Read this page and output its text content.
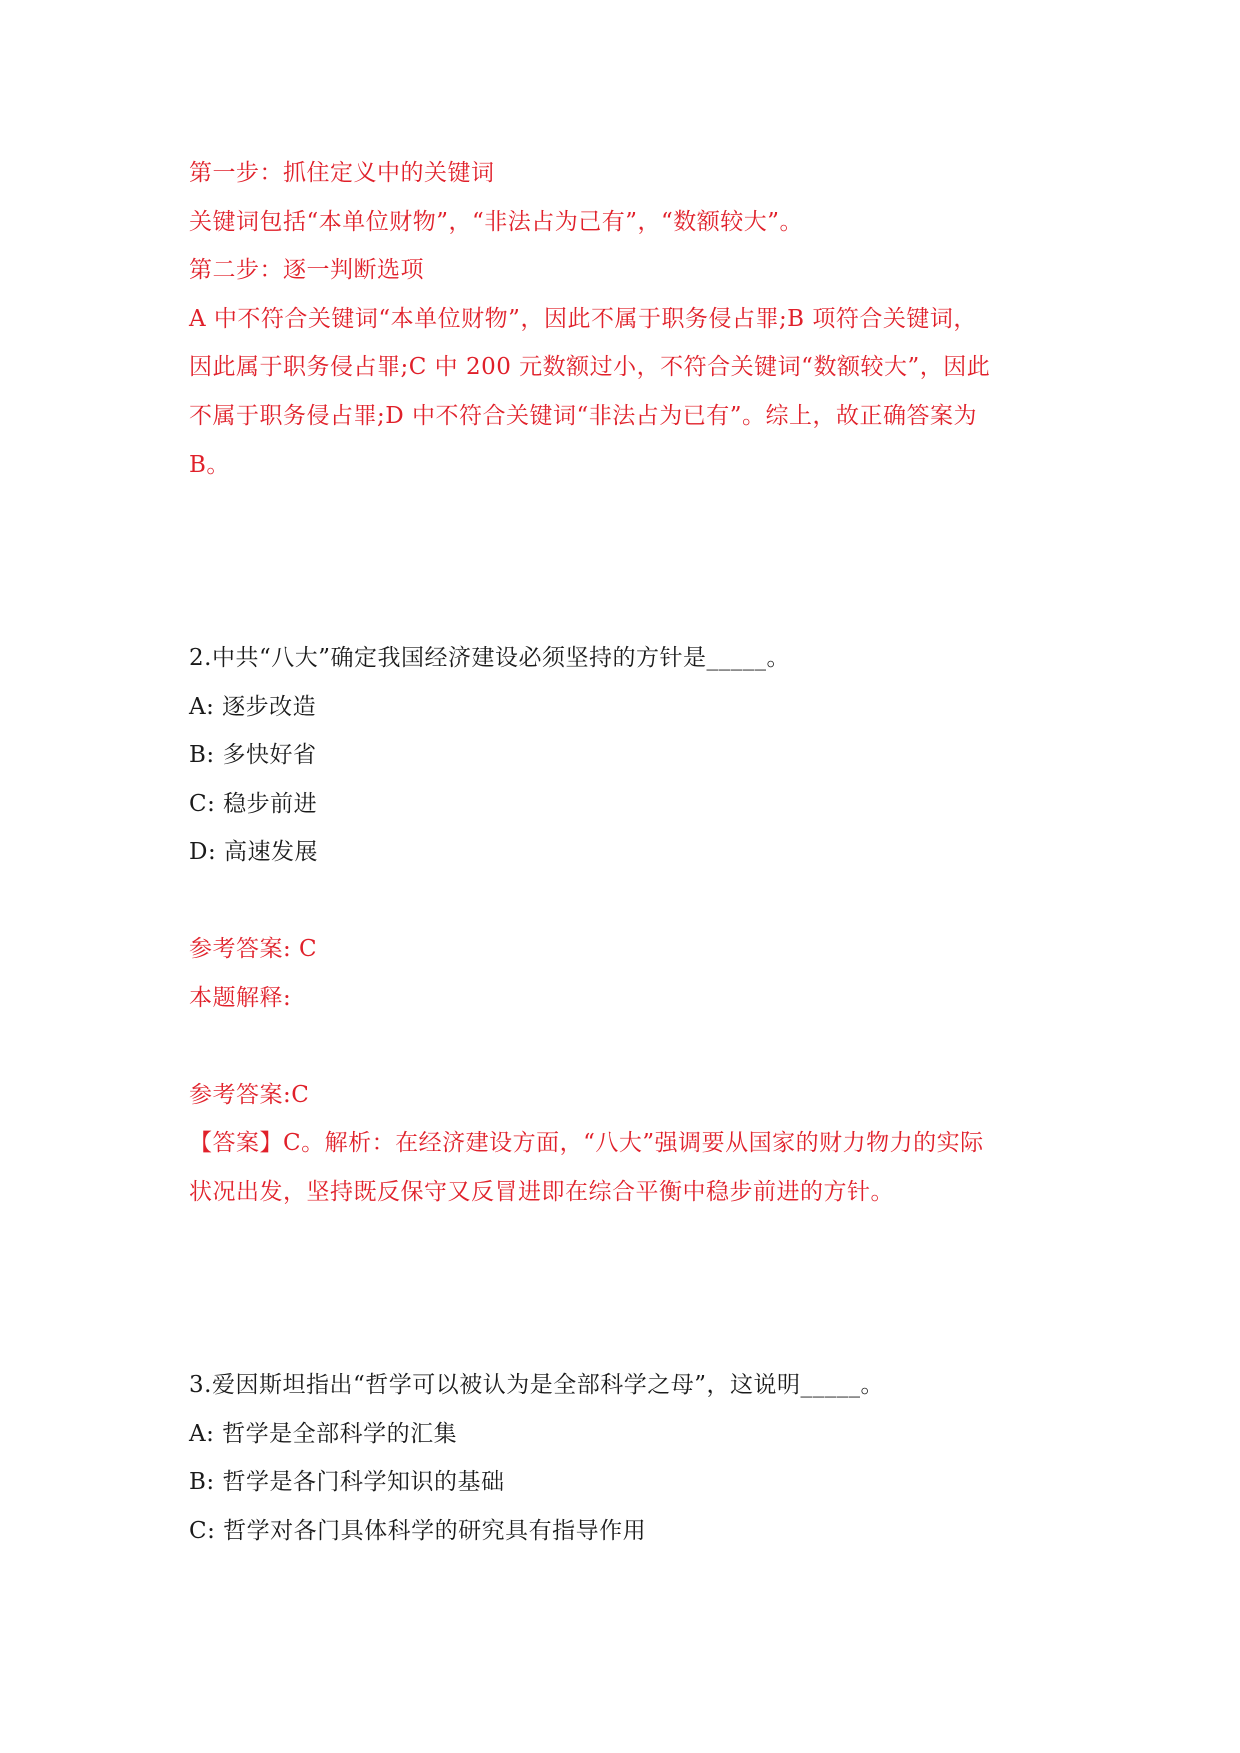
第一步：抓住定义中的关键词
关键词包括“本单位财物”，“非法占为己有”，“数额较大”。
第二步：逐一判断选项
A 中不符合关键词“本单位财物”，因此不属于职务侵占罪;B 项符合关键词，
因此属于职务侵占罪;C 中 200 元数额过小，不符合关键词“数额较大”，因此
不属于职务侵占罪;D 中不符合关键词“非法占为已有”。综上，故正确答案为
B。
2.中共“八大”确定我国经济建设必须坚持的方针是_____。
A: 逐步改造
B: 多快好省
C: 稳步前进
D: 高速发展
参考答案: C
本题解释:
参考答案:C
【答案】C。解析：在经济建设方面，“八大”强调要从国家的财力物力的实际
状况出发，坚持既反保守又反冒进即在综合平衡中稳步前进的方针。
3.爱因斯坦指出“哲学可以被认为是全部科学之母”，这说明_____。
A: 哲学是全部科学的汇集
B: 哲学是各门科学知识的基础
C: 哲学对各门具体科学的研究具有指导作用
